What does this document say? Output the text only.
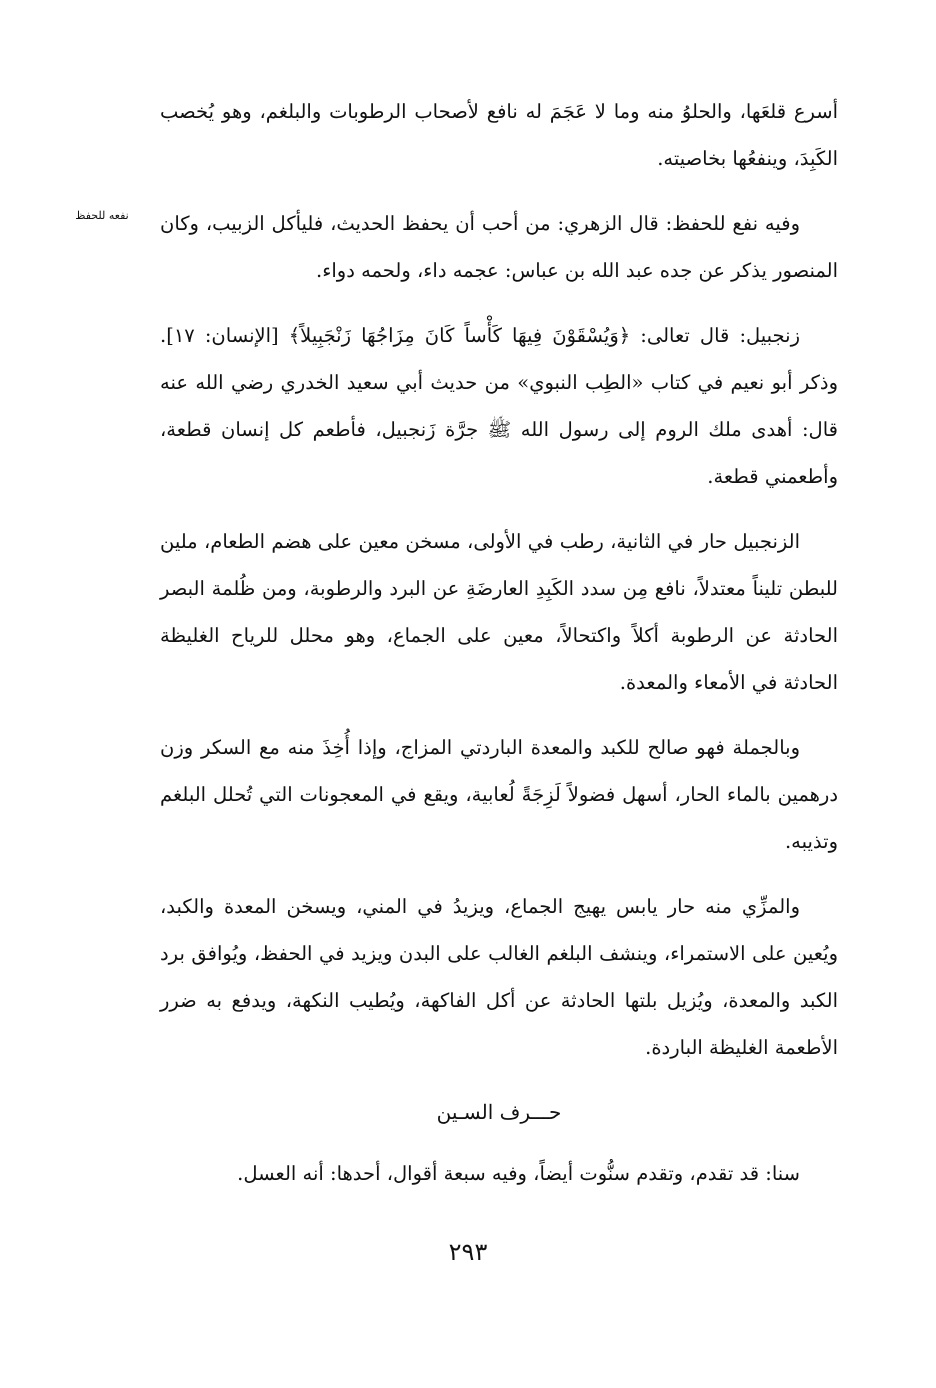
نفعه للحفظ

أسرع قلعَها، والحلوُ منه وما لا عَجَمَ له نافع لأصحاب الرطوبات والبلغم، وهو يُخصب الكَبِدَ، وينفعُها بخاصيته.

وفيه نفع للحفظ: قال الزهري: من أحب أن يحفظ الحديث، فليأكل الزبيب، وكان المنصور يذكر عن جده عبد الله بن عباس: عجمه داء، ولحمه دواء.

زنجبيل: قال تعالى: ﴿وَيُسْقَوْنَ فِيهَا كَأْساً كَانَ مِزَاجُهَا زَنْجَبِيلاً﴾ [الإنسان: ١٧]. وذكر أبو نعيم في كتاب «الطِب النبوي» من حديث أبي سعيد الخدري رضي الله عنه قال: أهدى ملك الروم إلى رسول الله ﷺ جرَّة زَنجبيل، فأطعم كل إنسان قطعة، وأطعمني قطعة.

الزنجبيل حار في الثانية، رطب في الأولى، مسخن معين على هضم الطعام، ملين للبطن تليناً معتدلاً، نافع مِن سدد الكَبِدِ العارضَةِ عن البرد والرطوبة، ومن ظُلمة البصر الحادثة عن الرطوبة أكلاً واكتحالاً، معين على الجماع، وهو محلل للرياح الغليظة الحادثة في الأمعاء والمعدة.

وبالجملة فهو صالح للكبد والمعدة الباردتي المزاج، وإذا أُخِذَ منه مع السكر وزن درهمين بالماء الحار، أسهل فضولاً لَزِجَةً لُعابية، ويقع في المعجونات التي تُحلل البلغم وتذيبه.

والمزِّي منه حار يابس يهيج الجماع، ويزيدُ في المني، ويسخن المعدة والكبد، ويُعين على الاستمراء، وينشف البلغم الغالب على البدن ويزيد في الحفظ، ويُوافق برد الكبد والمعدة، ويُزيل بلتها الحادثة عن أكل الفاكهة، ويُطيب النكهة، ويدفع به ضرر الأطعمة الغليظة الباردة.

حـــرف السـين

سنا: قد تقدم، وتقدم سنُّوت أيضاً، وفيه سبعة أقوال، أحدها: أنه العسل.

٢٩٣
